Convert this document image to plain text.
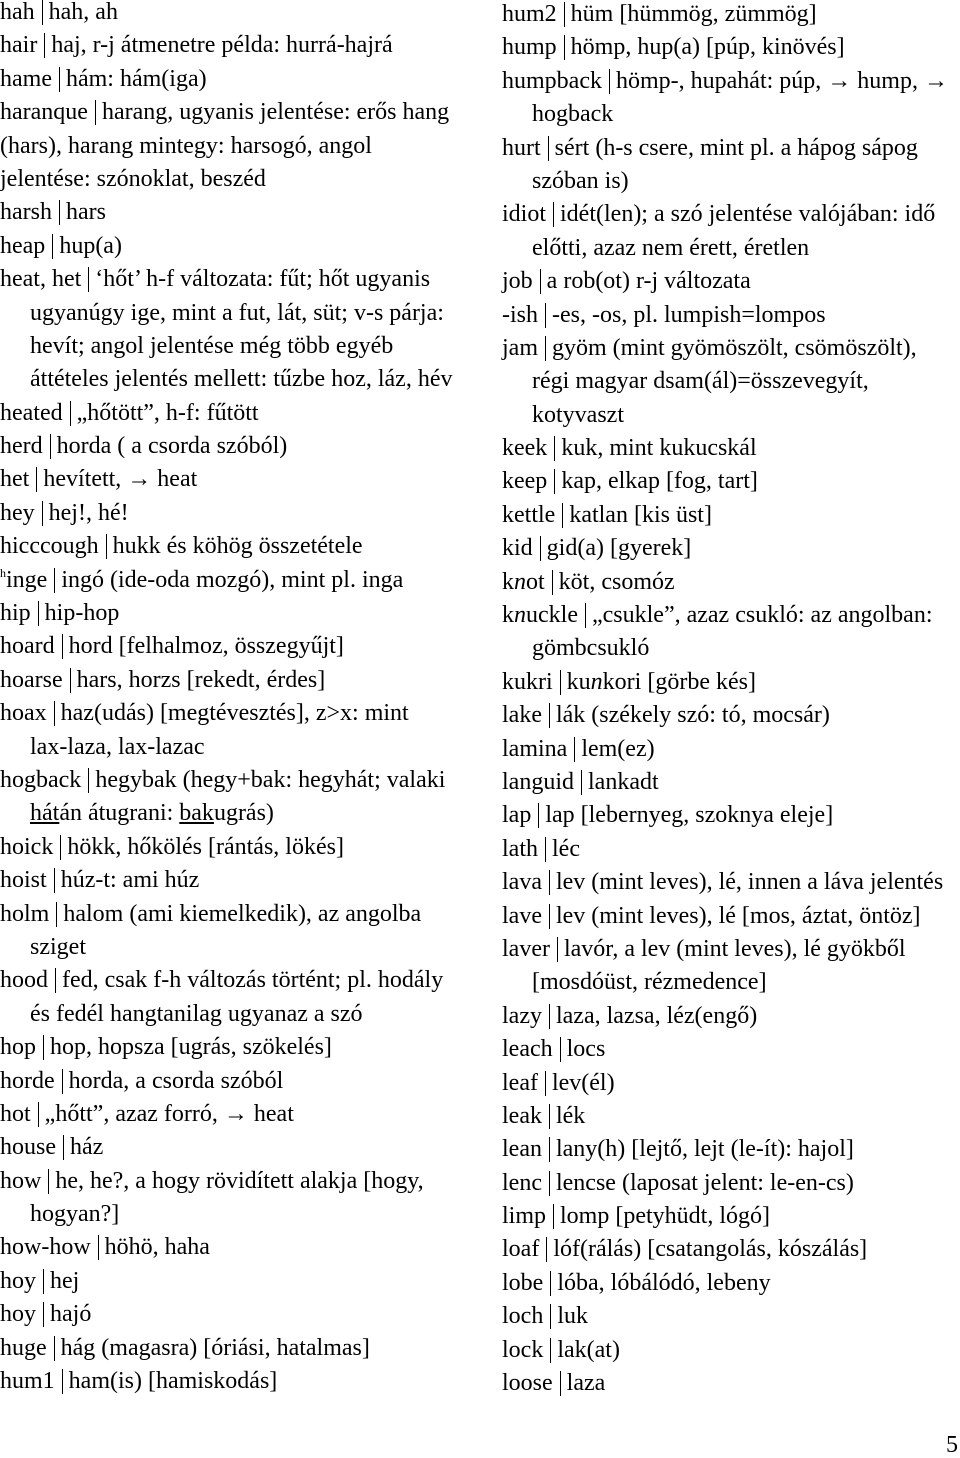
hah hah, ah
hair haj, r-j átmenetre példa: hurrá-hajrá
hame hám: hám(iga)
haranque harang, ugyanis jelentése: erős hang
(hars), harang mintegy: harsogó, angol
jelentése: szónoklat, beszéd
harsh hars
heap hup(a)
heat, het ‘hőt’ h-f változata: fűt; hőt ugyanis
ugyanúgy ige, mint a fut, lát, süt; v-s párja:
hevít; angol jelentése még több egyéb
áttételes jelentés mellett: tűzbe hoz, láz, hév
heated „hőtött”, h-f: fűtött
herd horda ( a csorda szóból)
het hevített, → heat
hey hej!, hé!
hicccough hukk és köhög összetétele
$^h$inge ingó (ide-oda mozgó), mint pl. inga
hip hip-hop
hoard hord [felhalmoz, összegyűjt]
hoarse hars, horzs [rekedt, érdes]
hoax haz(udás) [megtévesztés], z>x: mint
lax-laza, lax-lazac
hogback hegybak (hegy+bak: hegyhát; valaki
hátán átugrani: bakugrás)
hoick hökk, hőkölés [rántás, lökés]
hoist húz-t: ami húz
holm halom (ami kiemelkedik), az angolba
sziget
hood fed, csak f-h változás történt; pl. hodály
és fedél hangtanilag ugyanaz a szó
hop hop, hopsza [ugrás, szökelés]
horde horda, a csorda szóból
hot „hőtt”, azaz forró, → heat
house ház
how he, he?, a hogy rövidített alakja [hogy,
hogyan?]
how-how höhö, haha
hoy hej
hoy hajó
huge hág (magasra) [óriási, hatalmas]
hum1 ham(is) [hamiskodás]
hum2 hüm [hümmög, zümmög]
hump hömp, hup(a) [púp, kinövés]
humpback hömp-, hupahát: púp, → hump, →
hogback
hurt sért (h-s csere, mint pl. a hápog sápog
szóban is)
idiot idét(len); a szó jelentése valójában: idő
előtti, azaz nem érett, éretlen
job a rob(ot) r-j változata
-ish -es, -os, pl. lumpish=lompos
jam gyöm (mint gyömöszölt, csömöszölt),
régi magyar dsam(ál)=összevegyít,
kotyvaszt
keek kuk, mint kukucskál
keep kap, elkap [fog, tart]
kettle katlan [kis üst]
kid gid(a) [gyerek]
knot köt, csomóz
knuckle „csukle”, azaz csukló: az angolban:
gömbcsukló
kukri kunkori [görbe kés]
lake lák (székely szó: tó, mocsár)
lamina lem(ez)
languid lankadt
lap lap [lebernyeg, szoknya eleje]
lath léc
lava lev (mint leves), lé, innen a láva jelentés
lave lev (mint leves), lé [mos, áztat, öntöz]
laver lavór, a lev (mint leves), lé gyökből
[mosdóüst, rézmedence]
lazy laza, lazsa, léz(engő)
leach locs
leaf lev(él)
leak lék
lean lany(h) [lejtő, lejt (le-ít): hajol]
lenc lencse (laposat jelent: le-en-cs)
limp lomp [petyhüdt, lógó]
loaf lóf(rálás) [csatangolás, kószálás]
lobe lóba, lóbálódó, lebeny
loch luk
lock lak(at)
loose laza
5
